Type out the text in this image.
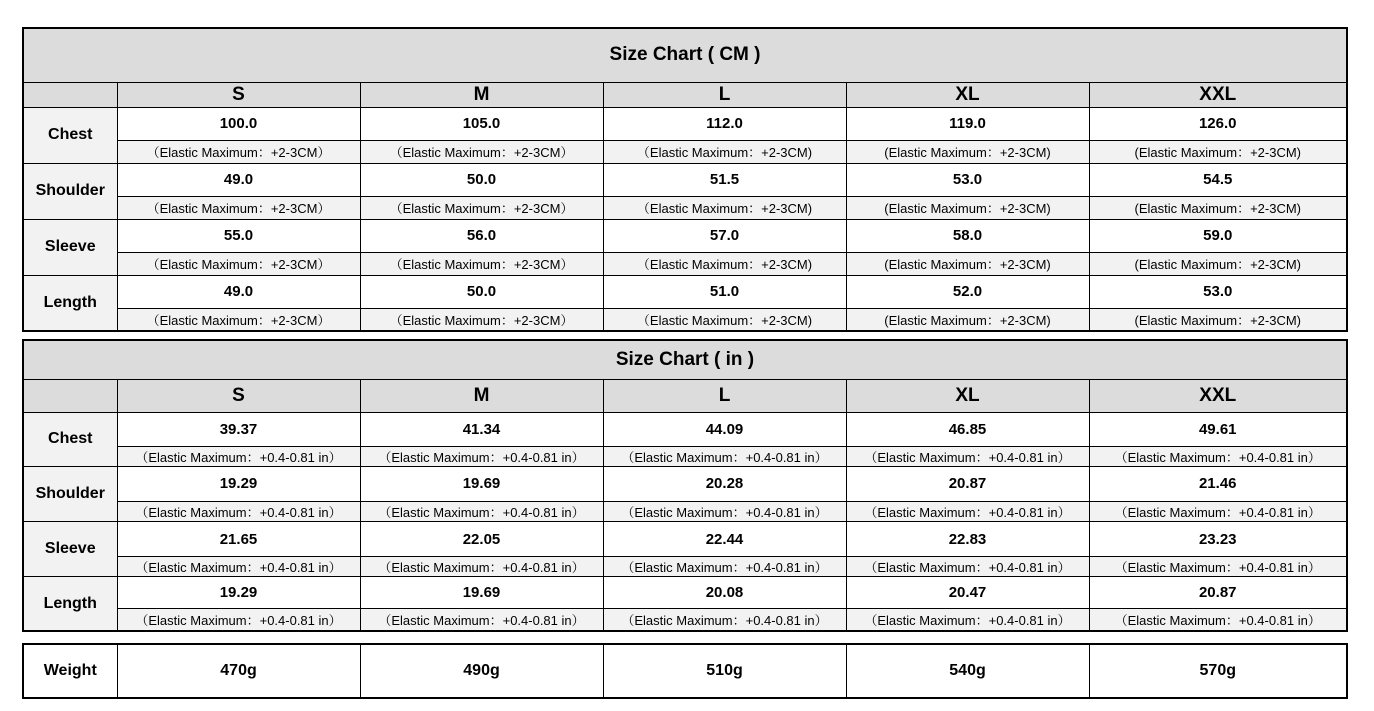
Size Chart ( CM )					
	S	M	L	XL	XXL
Chest	100.0	105.0	112.0	119.0	126.0
	（Elastic Maximum：+2-3CM）	（Elastic Maximum：+2-3CM）	（Elastic Maximum：+2-3CM)	(Elastic Maximum：+2-3CM)	(Elastic Maximum：+2-3CM)
Shoulder	49.0	50.0	51.5	53.0	54.5
	（Elastic Maximum：+2-3CM）	（Elastic Maximum：+2-3CM）	（Elastic Maximum：+2-3CM)	(Elastic Maximum：+2-3CM)	(Elastic Maximum：+2-3CM)
Sleeve	55.0	56.0	57.0	58.0	59.0
	（Elastic Maximum：+2-3CM）	（Elastic Maximum：+2-3CM）	（Elastic Maximum：+2-3CM)	(Elastic Maximum：+2-3CM)	(Elastic Maximum：+2-3CM)
Length	49.0	50.0	51.0	52.0	53.0
	（Elastic Maximum：+2-3CM）	（Elastic Maximum：+2-3CM）	（Elastic Maximum：+2-3CM)	(Elastic Maximum：+2-3CM)	(Elastic Maximum：+2-3CM)
Size Chart ( in )					
	S	M	L	XL	XXL
Chest	39.37	41.34	44.09	46.85	49.61
	（Elastic Maximum：+0.4-0.81 in）	（Elastic Maximum：+0.4-0.81 in）	（Elastic Maximum：+0.4-0.81 in）	（Elastic Maximum：+0.4-0.81 in）	（Elastic Maximum：+0.4-0.81 in）
Shoulder	19.29	19.69	20.28	20.87	21.46
	（Elastic Maximum：+0.4-0.81 in）	（Elastic Maximum：+0.4-0.81 in）	（Elastic Maximum：+0.4-0.81 in）	（Elastic Maximum：+0.4-0.81 in）	（Elastic Maximum：+0.4-0.81 in）
Sleeve	21.65	22.05	22.44	22.83	23.23
	（Elastic Maximum：+0.4-0.81 in）	（Elastic Maximum：+0.4-0.81 in）	（Elastic Maximum：+0.4-0.81 in）	（Elastic Maximum：+0.4-0.81 in）	（Elastic Maximum：+0.4-0.81 in）
Length	19.29	19.69	20.08	20.47	20.87
	（Elastic Maximum：+0.4-0.81 in）	（Elastic Maximum：+0.4-0.81 in）	（Elastic Maximum：+0.4-0.81 in）	（Elastic Maximum：+0.4-0.81 in）	（Elastic Maximum：+0.4-0.81 in）
Weight	470g	490g	510g	540g	570g
